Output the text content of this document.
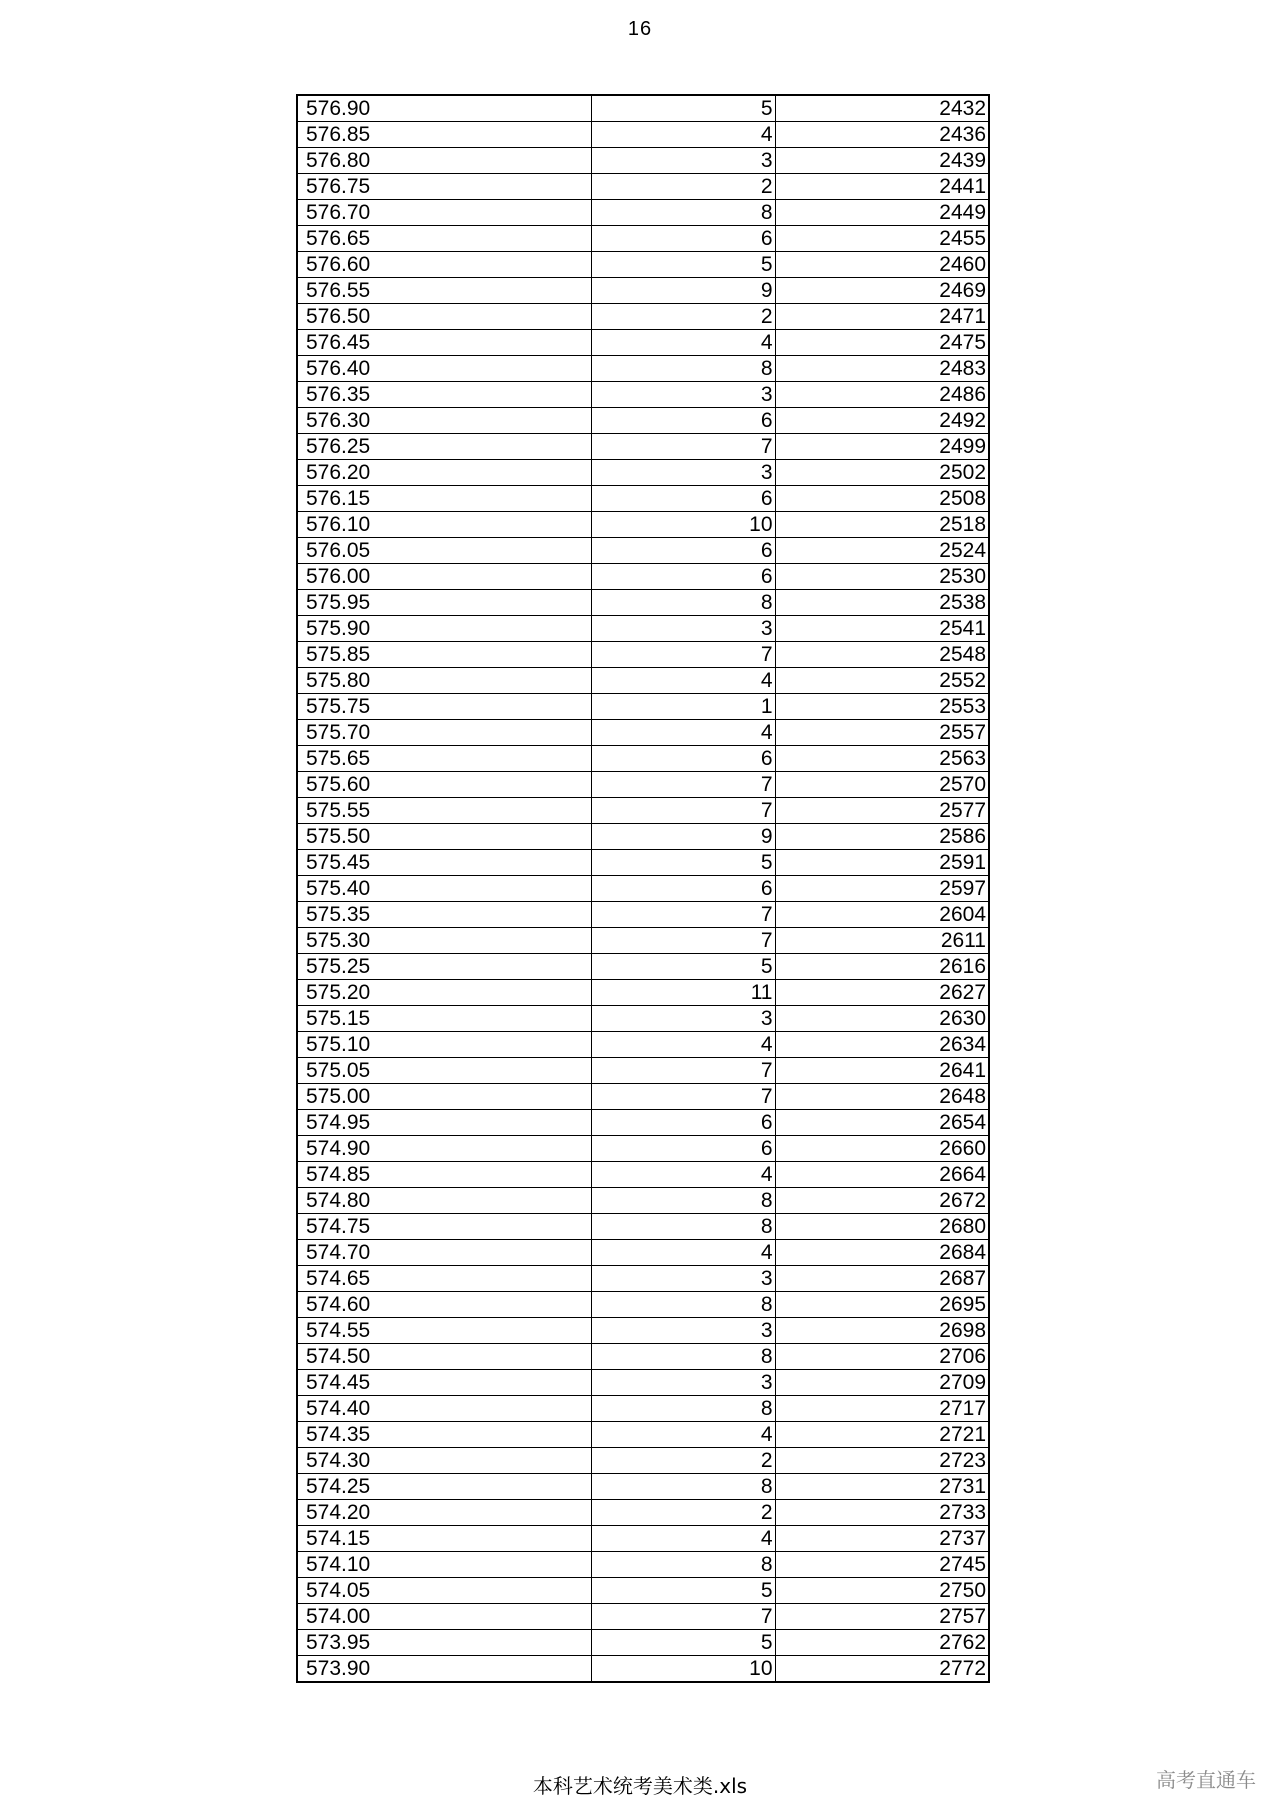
16
576.90	5	2432
576.85	4	2436
576.80	3	2439
576.75	2	2441
576.70	8	2449
576.65	6	2455
576.60	5	2460
576.55	9	2469
576.50	2	2471
576.45	4	2475
576.40	8	2483
576.35	3	2486
576.30	6	2492
576.25	7	2499
576.20	3	2502
576.15	6	2508
576.10	10	2518
576.05	6	2524
576.00	6	2530
575.95	8	2538
575.90	3	2541
575.85	7	2548
575.80	4	2552
575.75	1	2553
575.70	4	2557
575.65	6	2563
575.60	7	2570
575.55	7	2577
575.50	9	2586
575.45	5	2591
575.40	6	2597
575.35	7	2604
575.30	7	2611
575.25	5	2616
575.20	11	2627
575.15	3	2630
575.10	4	2634
575.05	7	2641
575.00	7	2648
574.95	6	2654
574.90	6	2660
574.85	4	2664
574.80	8	2672
574.75	8	2680
574.70	4	2684
574.65	3	2687
574.60	8	2695
574.55	3	2698
574.50	8	2706
574.45	3	2709
574.40	8	2717
574.35	4	2721
574.30	2	2723
574.25	8	2731
574.20	2	2733
574.15	4	2737
574.10	8	2745
574.05	5	2750
574.00	7	2757
573.95	5	2762
573.90	10	2772
本科艺术统考美术类.xls	高考直通车
